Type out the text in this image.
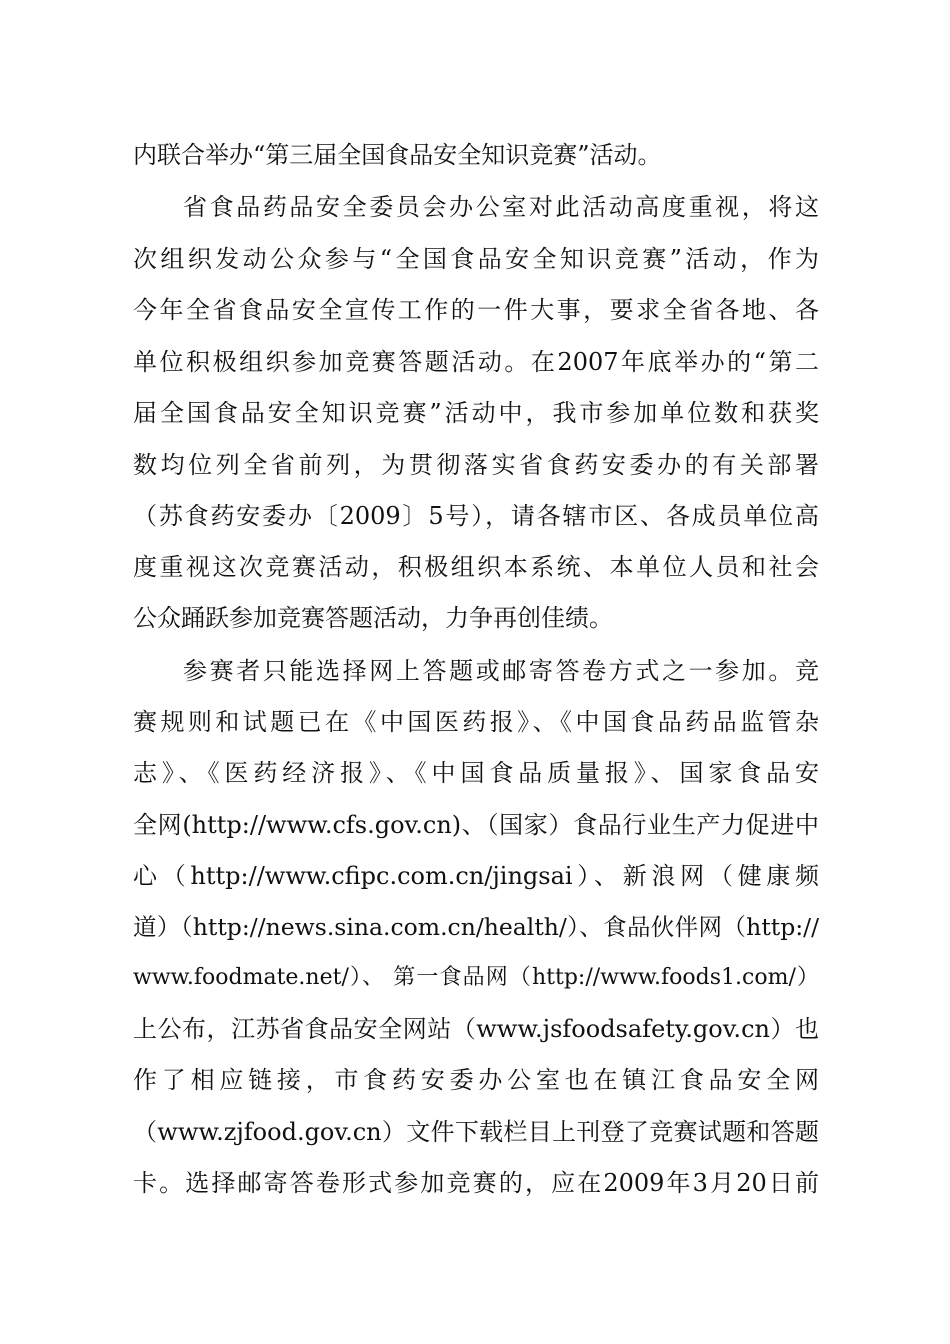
内联合举办“第三届全国食品安全知识竞赛”活动。
省食品药品安全委员会办公室对此活动高度重视，将这
次组织发动公众参与“全国食品安全知识竞赛”活动，作为
今年全省食品安全宣传工作的一件大事，要求全省各地、各
单位积极组织参加竞赛答题活动。在2007年底举办的“第二
届全国食品安全知识竞赛”活动中，我市参加单位数和获奖
数均位列全省前列，为贯彻落实省食药安委办的有关部署
（苏食药安委办〔2009〕5号），请各辖市区、各成员单位高
度重视这次竞赛活动，积极组织本系统、本单位人员和社会
公众踊跃参加竞赛答题活动，力争再创佳绩。
参赛者只能选择网上答题或邮寄答卷方式之一参加。竞
赛规则和试题已在《中国医药报》、《中国食品药品监管杂
志》、《医药经济报》、《中国食品质量报》、国家食品安
全网(http://www.cfs.gov.cn)、（国家）食品行业生产力促进中
心（http://www.cfipc.com.cn/jingsai）、新浪网（健康频
道）（http://news.sina.com.cn/health/）、食品伙伴网（http://
www.foodmate.net/）、 第一食品网（http://www.foods1.com/）
上公布，江苏省食品安全网站（www.jsfoodsafety.gov.cn）也
作了相应链接，市食药安委办公室也在镇江食品安全网
（www.zjfood.gov.cn）文件下载栏目上刊登了竞赛试题和答题
卡。选择邮寄答卷形式参加竞赛的，应在2009年3月20日前
